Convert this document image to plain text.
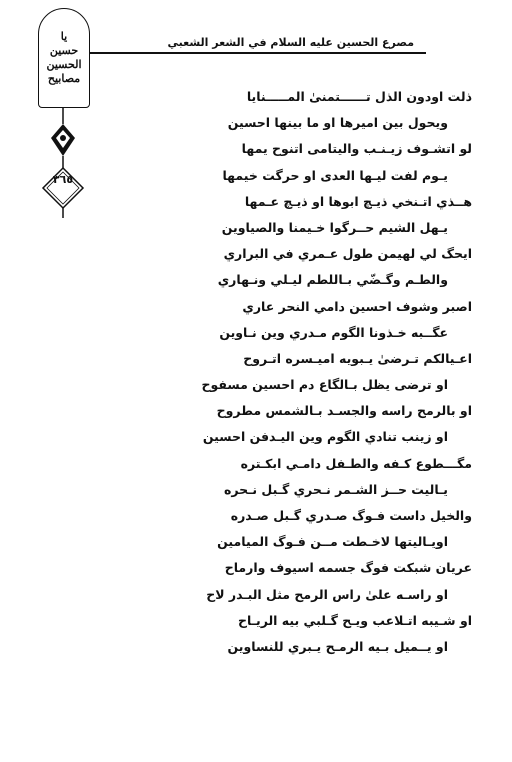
مصرع الحسين عليه السلام في الشعر الشعبي
يا
حسين
الحسين
مصابيح
٣٦٥
ذلت اودون الذل تــــــتمنىٰ المـــــنايا
ويحول بين اميرها او ما بينها احسين
لو اتشـوف زيـنـب واليتامى اتنوح يمها
يـوم لفت ليـها العدى او حرگت خيمها
هــذي اتـنخي ذيـچ ابوها او ذيـچ عـمها
يـهل الشيم حــرگوا خـيمنا والصياوين
ايحگ لي لهيمن طول عـمري في البراري
والطـم وگـضّي بـاللطم ليـلي ونـهاري
اصبر وشوف احسين دامي النحر عاري
عگــبه خـذونا الگوم مـدري وين نـاوين
اعـيالكم تـرضىٰ يـبويه اميـسره اتـروح
او ترضى يظل بـالگاع دم احسين مسفوح
او بالرمح راسه والجسـد بـالشمس مطروح
او زينب تنادي الگوم وين اليـدفن احسين
مگـــطوع كـفه والطـفل دامـي ابكـتره
يـاليت حــز الشـمر نـحري گـبل نـحره
والخيل داست فـوگ صـدري گـبل صـدره
اويـاليتها لاخـطت مــن فـوگ الميامين
عريان شبكت فوگ جسمه اسيوف وارماح
او راسـه علىٰ راس الرمح مثل البـدر لاح
او شـيبه اتـلاعب ويـح گـلبي بيه الريـاح
او يــميل بـيه الرمـح يـبري للنساوين
